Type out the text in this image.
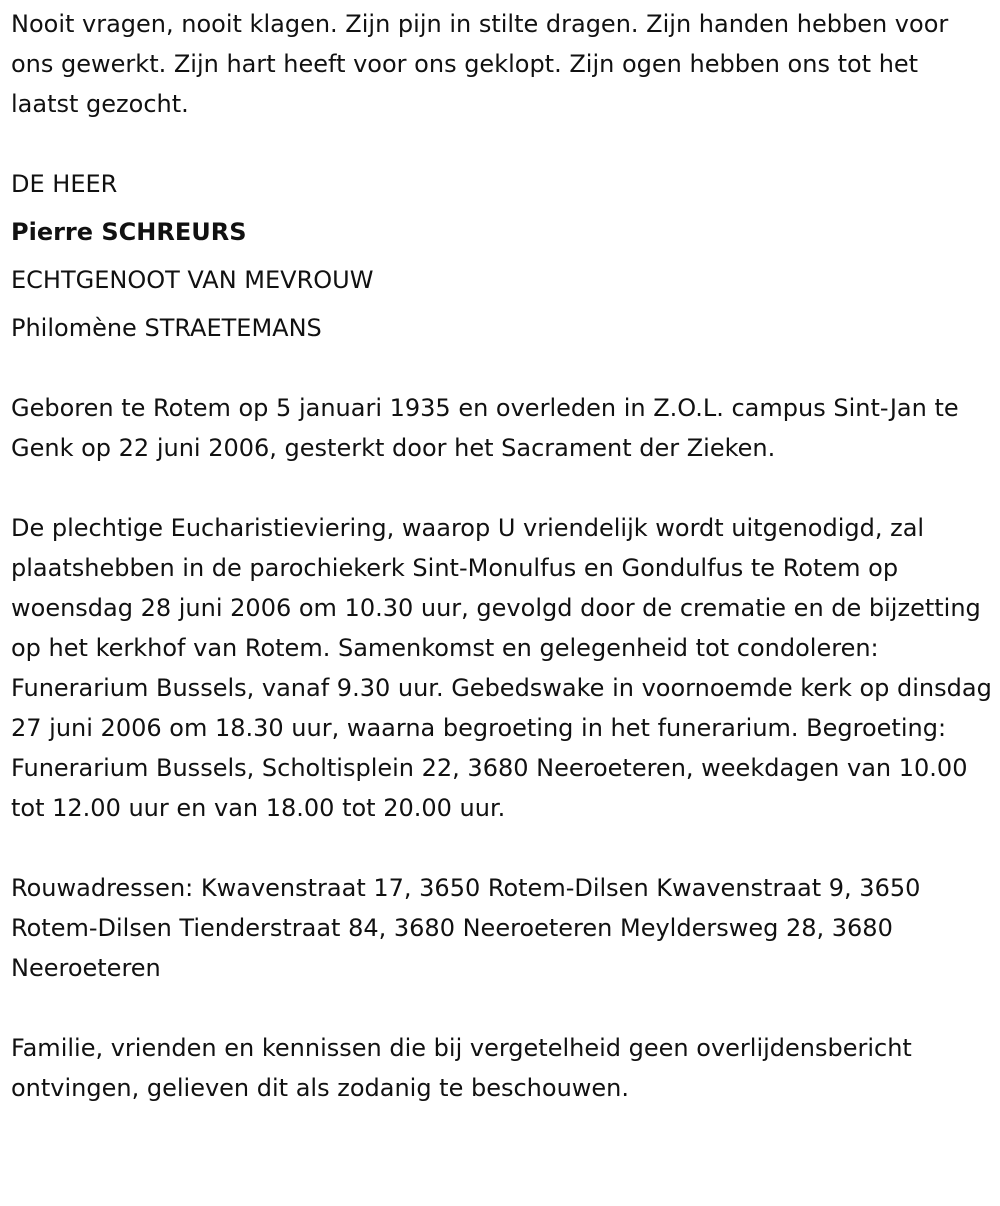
Nooit vragen, nooit klagen. Zijn pijn in stilte dragen. Zijn handen hebben voor ons gewerkt. Zijn hart heeft voor ons geklopt. Zijn ogen hebben ons tot het laatst gezocht.

DE HEER
Pierre SCHREURS
ECHTGENOOT VAN MEVROUW
Philomène STRAETEMANS

Geboren te Rotem op 5 januari 1935 en overleden in Z.O.L. campus Sint-Jan te Genk op 22 juni 2006, gesterkt door het Sacrament der Zieken.

De plechtige Eucharistieviering, waarop U vriendelijk wordt uitgenodigd, zal plaatshebben in de parochiekerk Sint-Monulfus en Gondulfus te Rotem op woensdag 28 juni 2006 om 10.30 uur, gevolgd door de crematie en de bijzetting op het kerkhof van Rotem. Samenkomst en gelegenheid tot condoleren: Funerarium Bussels, vanaf 9.30 uur. Gebedswake in voornoemde kerk op dinsdag 27 juni 2006 om 18.30 uur, waarna begroeting in het funerarium. Begroeting: Funerarium Bussels, Scholtisplein 22, 3680 Neeroeteren, weekdagen van 10.00 tot 12.00 uur en van 18.00 tot 20.00 uur.

Rouwadressen: Kwavenstraat 17, 3650 Rotem-Dilsen Kwavenstraat 9, 3650 Rotem-Dilsen Tienderstraat 84, 3680 Neeroeteren Meyldersweg 28, 3680 Neeroeteren

Familie, vrienden en kennissen die bij vergetelheid geen overlijdensbericht ontvingen, gelieven dit als zodanig te beschouwen.
